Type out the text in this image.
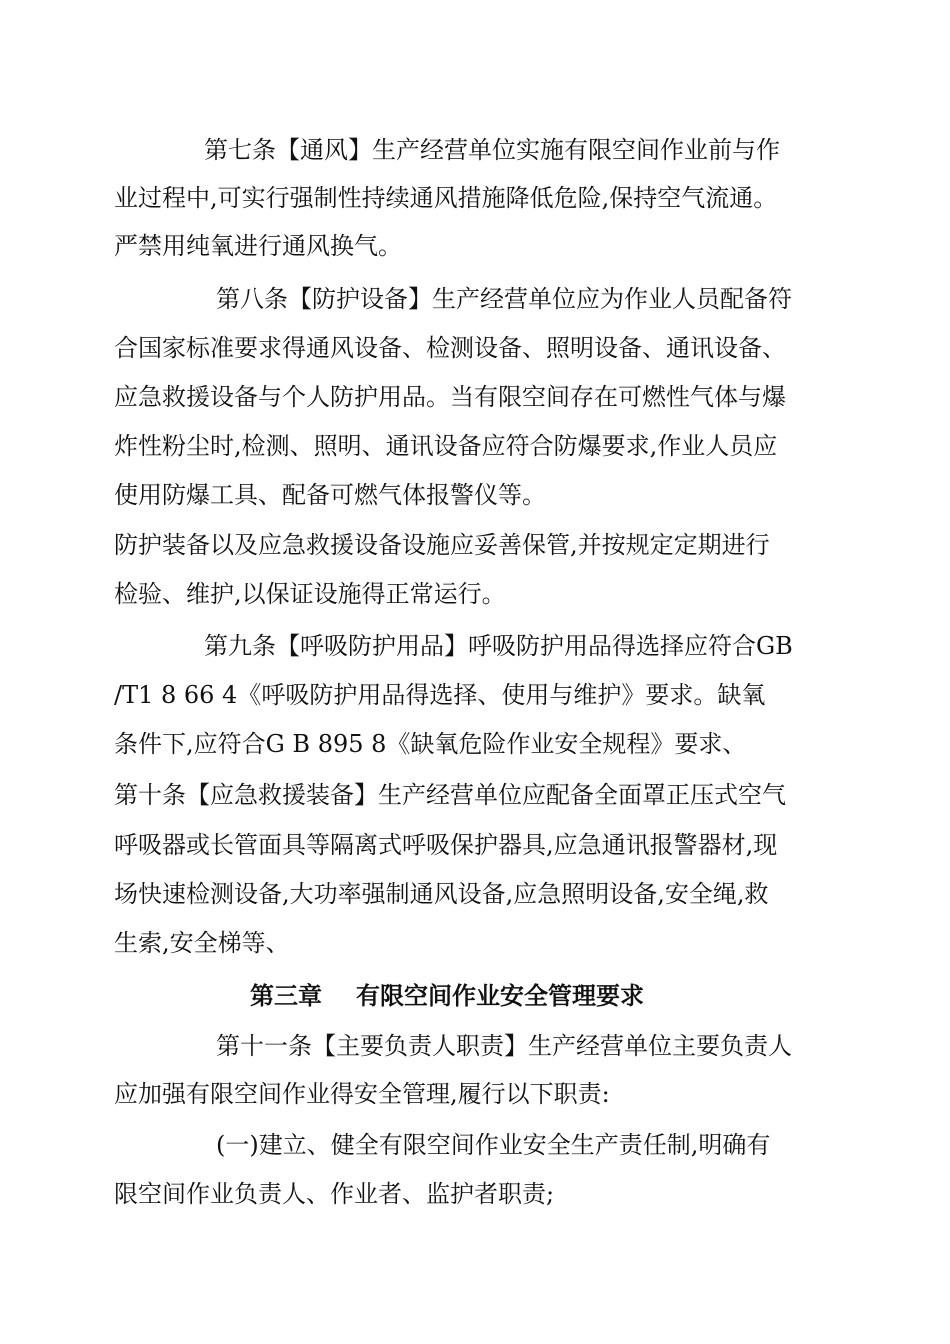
第七条【通风】生产经营单位实施有限空间作业前与作
业过程中,可实行强制性持续通风措施降低危险,保持空气流通。
严禁用纯氧进行通风换气。
第八条【防护设备】生产经营单位应为作业人员配备符
合国家标准要求得通风设备、检测设备、照明设备、通讯设备、
应急救援设备与个人防护用品。当有限空间存在可燃性气体与爆
炸性粉尘时,检测、照明、通讯设备应符合防爆要求,作业人员应
使用防爆工具、配备可燃气体报警仪等。
防护装备以及应急救援设备设施应妥善保管,并按规定定期进行
检验、维护,以保证设施得正常运行。
第九条【呼吸防护用品】呼吸防护用品得选择应符合GB
/T1 8 66 4《呼吸防护用品得选择、使用与维护》要求。缺氧
条件下,应符合G B 895 8《缺氧危险作业安全规程》要求、
第十条【应急救援装备】生产经营单位应配备全面罩正压式空气
呼吸器或长管面具等隔离式呼吸保护器具,应急通讯报警器材,现
场快速检测设备,大功率强制通风设备,应急照明设备,安全绳,救
生索,安全梯等、
第三章 有限空间作业安全管理要求
第十一条【主要负责人职责】生产经营单位主要负责人
应加强有限空间作业得安全管理,履行以下职责:
(一)建立、健全有限空间作业安全生产责任制,明确有
限空间作业负责人、作业者、监护者职责;
